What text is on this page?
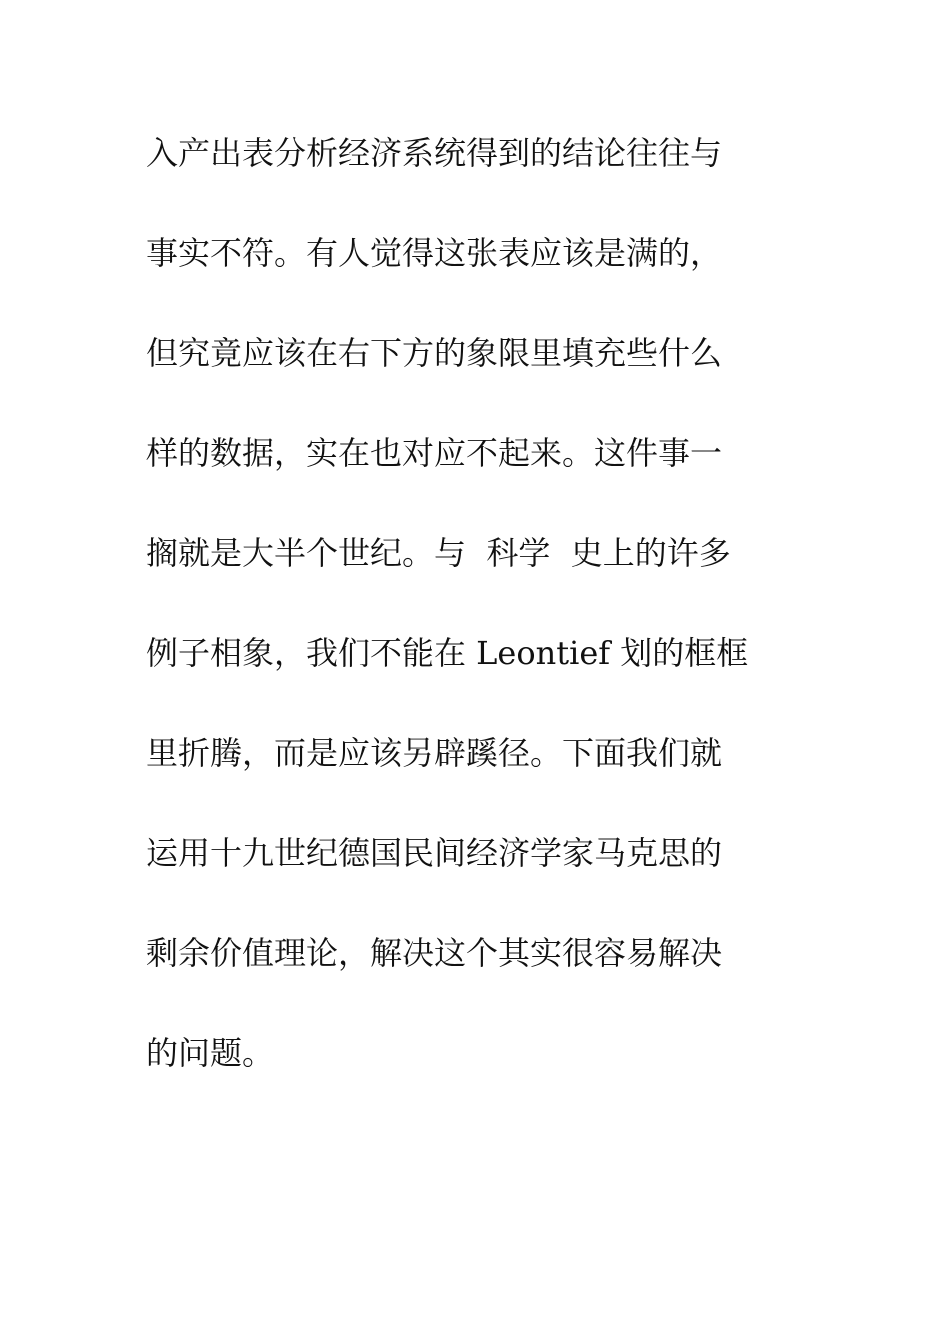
入产出表分析经济系统得到的结论往往与
事实不符。有人觉得这张表应该是满的，
但究竟应该在右下方的象限里填充些什么
样的数据，实在也对应不起来。这件事一
搁就是大半个世纪。与  科学  史上的许多
例子相象，我们不能在 Leontief 划的框框
里折腾，而是应该另辟蹊径。下面我们就
运用十九世纪德国民间经济学家马克思的
剩余价值理论，解决这个其实很容易解决
的问题。
